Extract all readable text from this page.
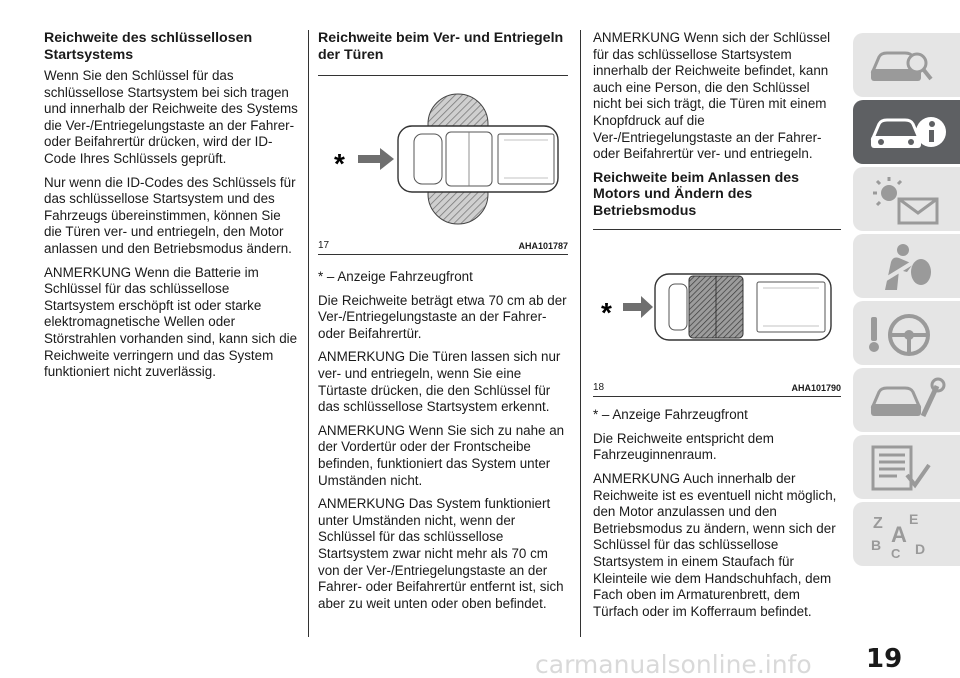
Reichweite des schlüssellosen Startsystems

Wenn Sie den Schlüssel für das schlüssellose Startsystem bei sich tragen und innerhalb der Reichweite des Systems die Ver-/Entriegelungstaste an der Fahrer- oder Beifahrertür drücken, wird der ID-Code Ihres Schlüssels geprüft.

Nur wenn die ID-Codes des Schlüssels für das schlüssellose Startsystem und des Fahrzeugs übereinstimmen, können Sie die Türen ver- und entriegeln, den Motor anlassen und den Betriebsmodus ändern.

ANMERKUNG Wenn die Batterie im Schlüssel für das schlüssellose Startsystem erschöpft ist oder starke elektromagnetische Wellen oder Störstrahlen vorhanden sind, kann sich die Reichweite verringern und das System funktioniert nicht zuverlässig.

Reichweite beim Ver- und Entriegeln der Türen
*
17	AHA101787

* – Anzeige Fahrzeugfront

Die Reichweite beträgt etwa 70 cm ab der Ver-/Entriegelungstaste an der Fahrer- oder Beifahrertür.

ANMERKUNG Die Türen lassen sich nur ver- und entriegeln, wenn Sie eine Türtaste drücken, die den Schlüssel für das schlüssellose Startsystem erkennt.

ANMERKUNG Wenn Sie sich zu nahe an der Vordertür oder der Frontscheibe befinden, funktioniert das System unter Umständen nicht.

ANMERKUNG Das System funktioniert unter Umständen nicht, wenn der Schlüssel für das schlüssellose Startsystem zwar nicht mehr als 70 cm von der Ver-/Entriegelungstaste an der Fahrer- oder Beifahrertür entfernt ist, sich aber zu weit unten oder oben befindet.

ANMERKUNG Wenn sich der Schlüssel für das schlüssellose Startsystem innerhalb der Reichweite befindet, kann auch eine Person, die den Schlüssel nicht bei sich trägt, die Türen mit einem Knopfdruck auf die Ver-/Entriegelungstaste an der Fahrer- oder Beifahrertür ver- und entriegeln.

Reichweite beim Anlassen des Motors und Ändern des Betriebsmodus
*
18	AHA101790

* – Anzeige Fahrzeugfront

Die Reichweite entspricht dem Fahrzeuginnenraum.

ANMERKUNG Auch innerhalb der Reichweite ist es eventuell nicht möglich, den Motor anzulassen und den Betriebsmodus zu ändern, wenn sich der Schlüssel für das schlüssellose Startsystem in einem Staufach für Kleinteile wie dem Handschuhfach, dem Fach oben im Armaturenbrett, dem Türfach oder im Kofferraum befindet.

Z E
B A
C D
carmanualsonline.info 19
